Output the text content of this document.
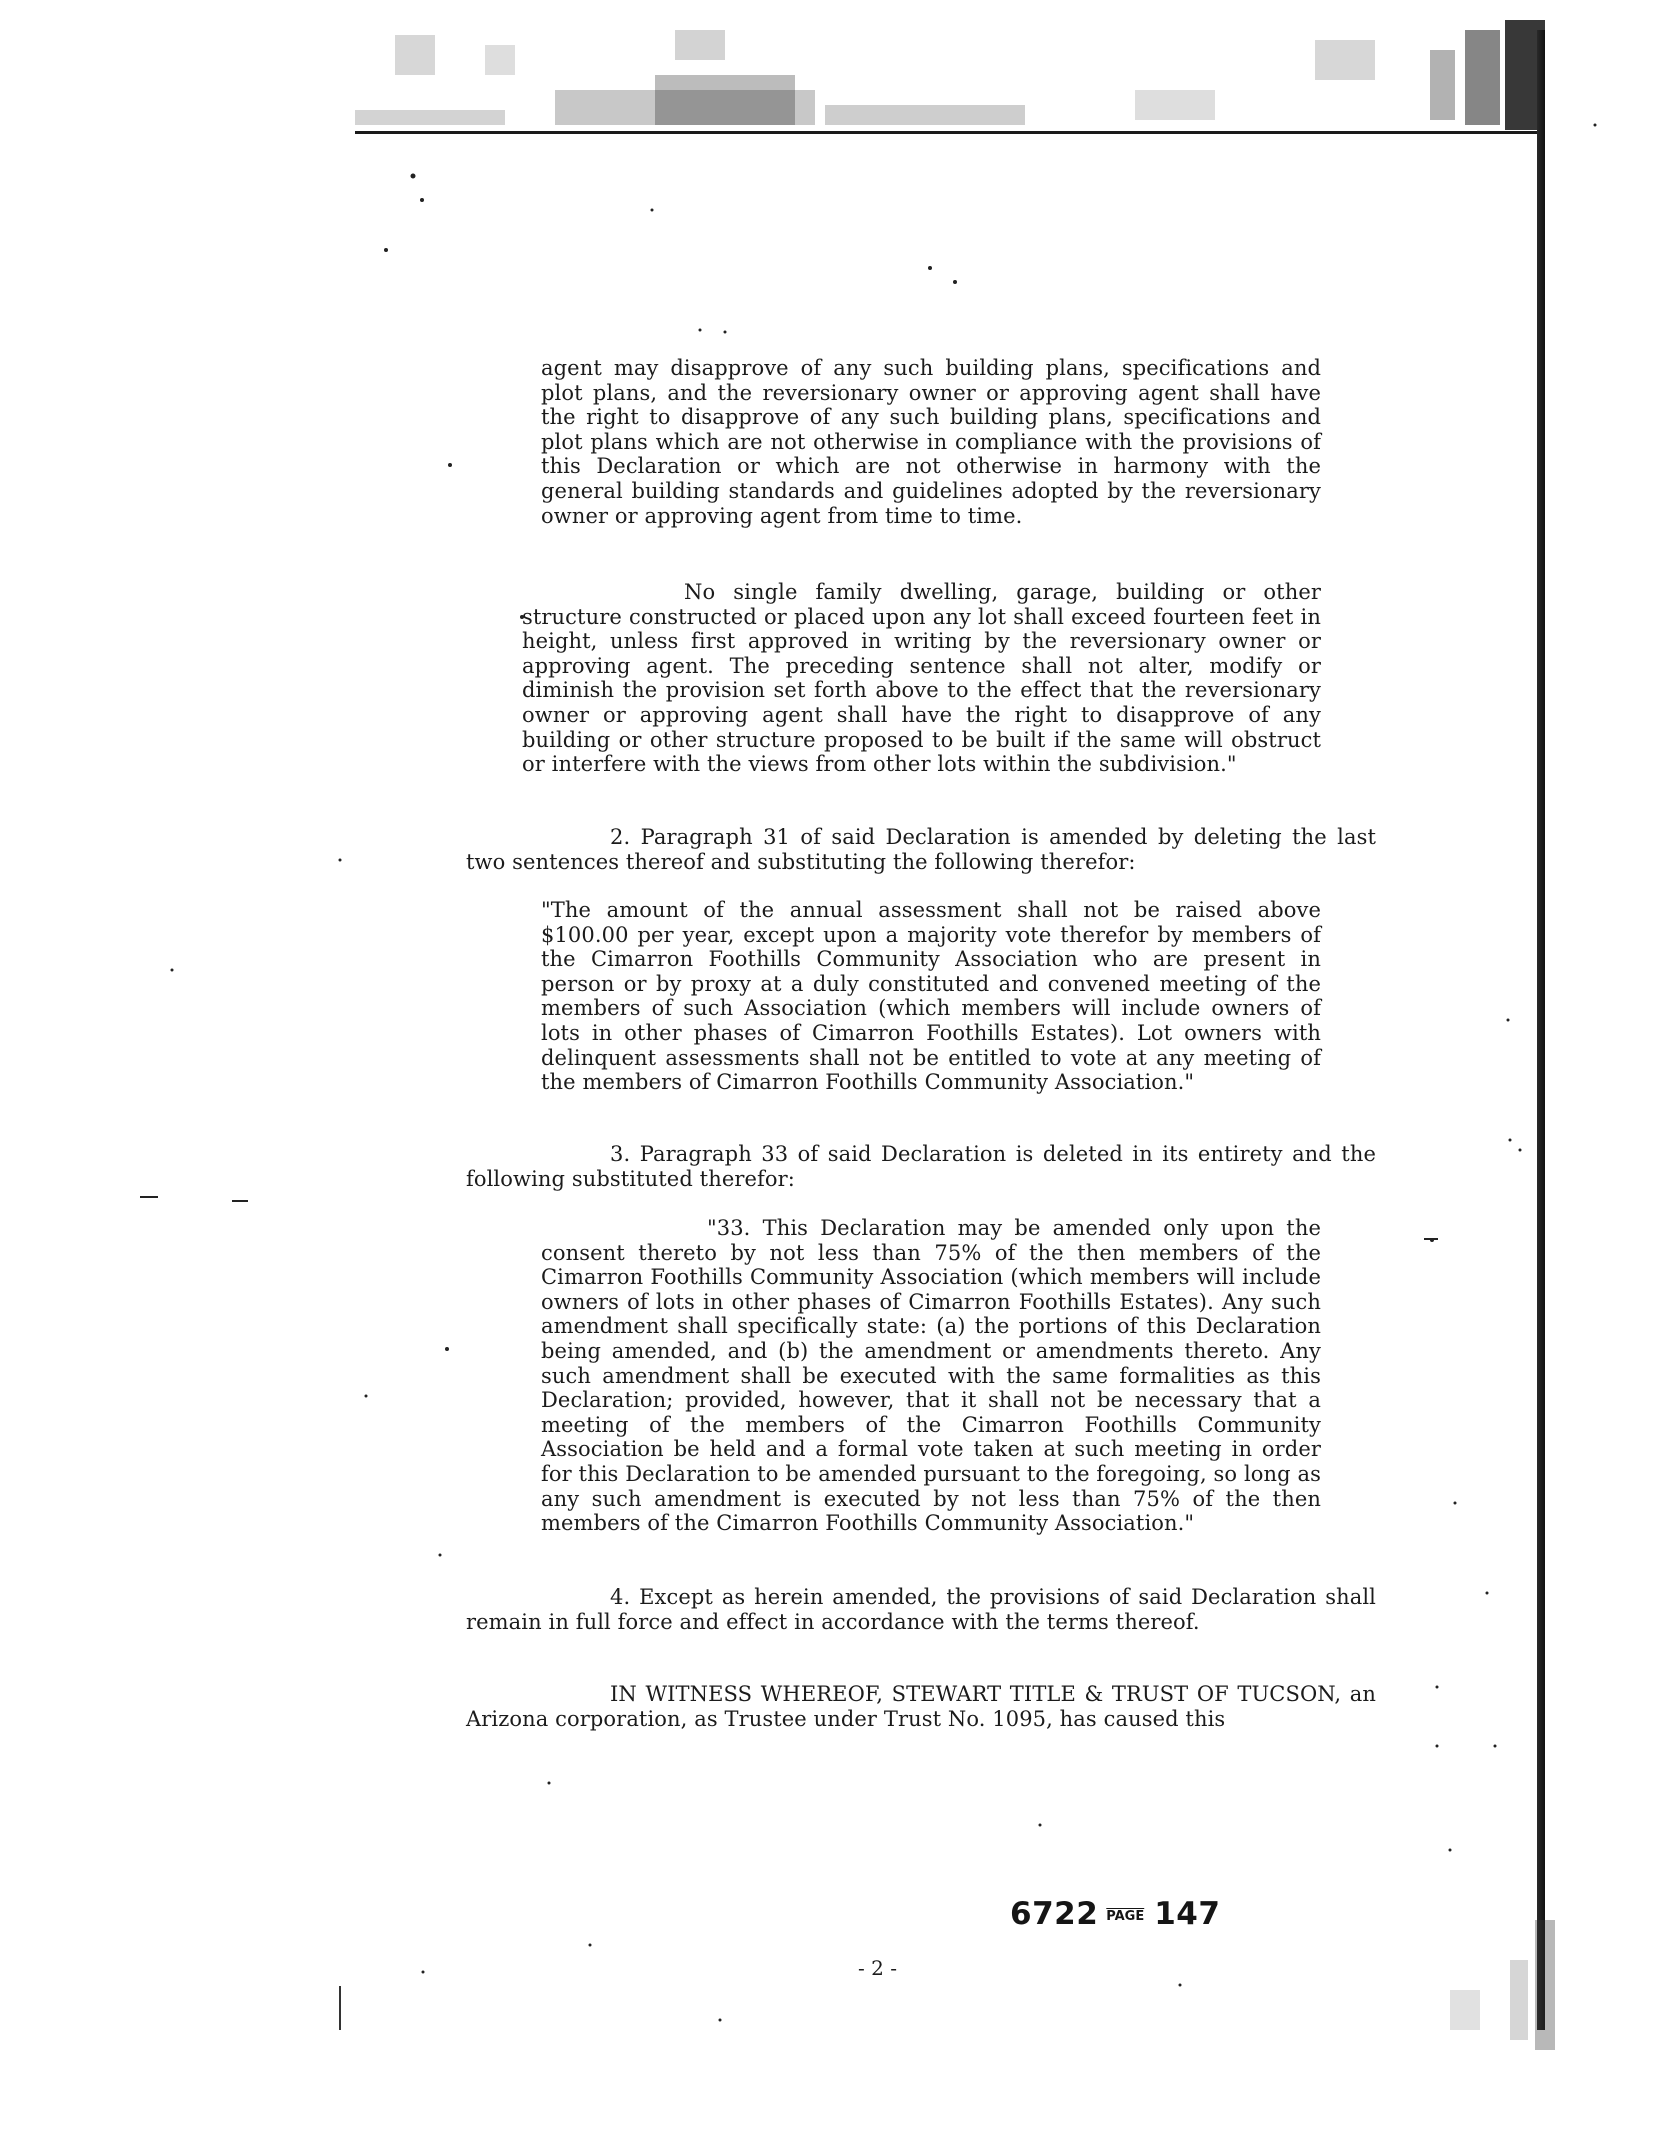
agent may disapprove of any such building plans, specifications and plot plans, and the reversionary owner or approving agent shall have the right to disapprove of any such building plans, specifications and plot plans which are not otherwise in compliance with the provisions of this Declaration or which are not otherwise in harmony with the general building standards and guidelines adopted by the reversionary owner or approving agent from time to time.

No single family dwelling, garage, building or other structure constructed or placed upon any lot shall exceed fourteen feet in height, unless first approved in writing by the reversionary owner or approving agent. The preceding sentence shall not alter, modify or diminish the provision set forth above to the effect that the reversionary owner or approving agent shall have the right to disapprove of any building or other structure proposed to be built if the same will obstruct or interfere with the views from other lots within the subdivision."

2. Paragraph 31 of said Declaration is amended by deleting the last two sentences thereof and substituting the following therefor:

"The amount of the annual assessment shall not be raised above $100.00 per year, except upon a majority vote therefor by members of the Cimarron Foothills Community Association who are present in person or by proxy at a duly constituted and convened meeting of the members of such Association (which members will include owners of lots in other phases of Cimarron Foothills Estates). Lot owners with delinquent assessments shall not be entitled to vote at any meeting of the members of Cimarron Foothills Community Association."

3. Paragraph 33 of said Declaration is deleted in its entirety and the following substituted therefor:

"33. This Declaration may be amended only upon the consent thereto by not less than 75% of the then members of the Cimarron Foothills Community Association (which members will include owners of lots in other phases of Cimarron Foothills Estates). Any such amendment shall specifically state: (a) the portions of this Declaration being amended, and (b) the amendment or amendments thereto. Any such amendment shall be executed with the same formalities as this Declaration; provided, however, that it shall not be necessary that a meeting of the members of the Cimarron Foothills Community Association be held and a formal vote taken at such meeting in order for this Declaration to be amended pursuant to the foregoing, so long as any such amendment is executed by not less than 75% of the then members of the Cimarron Foothills Community Association."

4. Except as herein amended, the provisions of said Declaration shall remain in full force and effect in accordance with the terms thereof.

IN WITNESS WHEREOF, STEWART TITLE & TRUST OF TUCSON, an Arizona corporation, as Trustee under Trust No. 1095, has caused this

6722 PAGE 147
- 2 -
